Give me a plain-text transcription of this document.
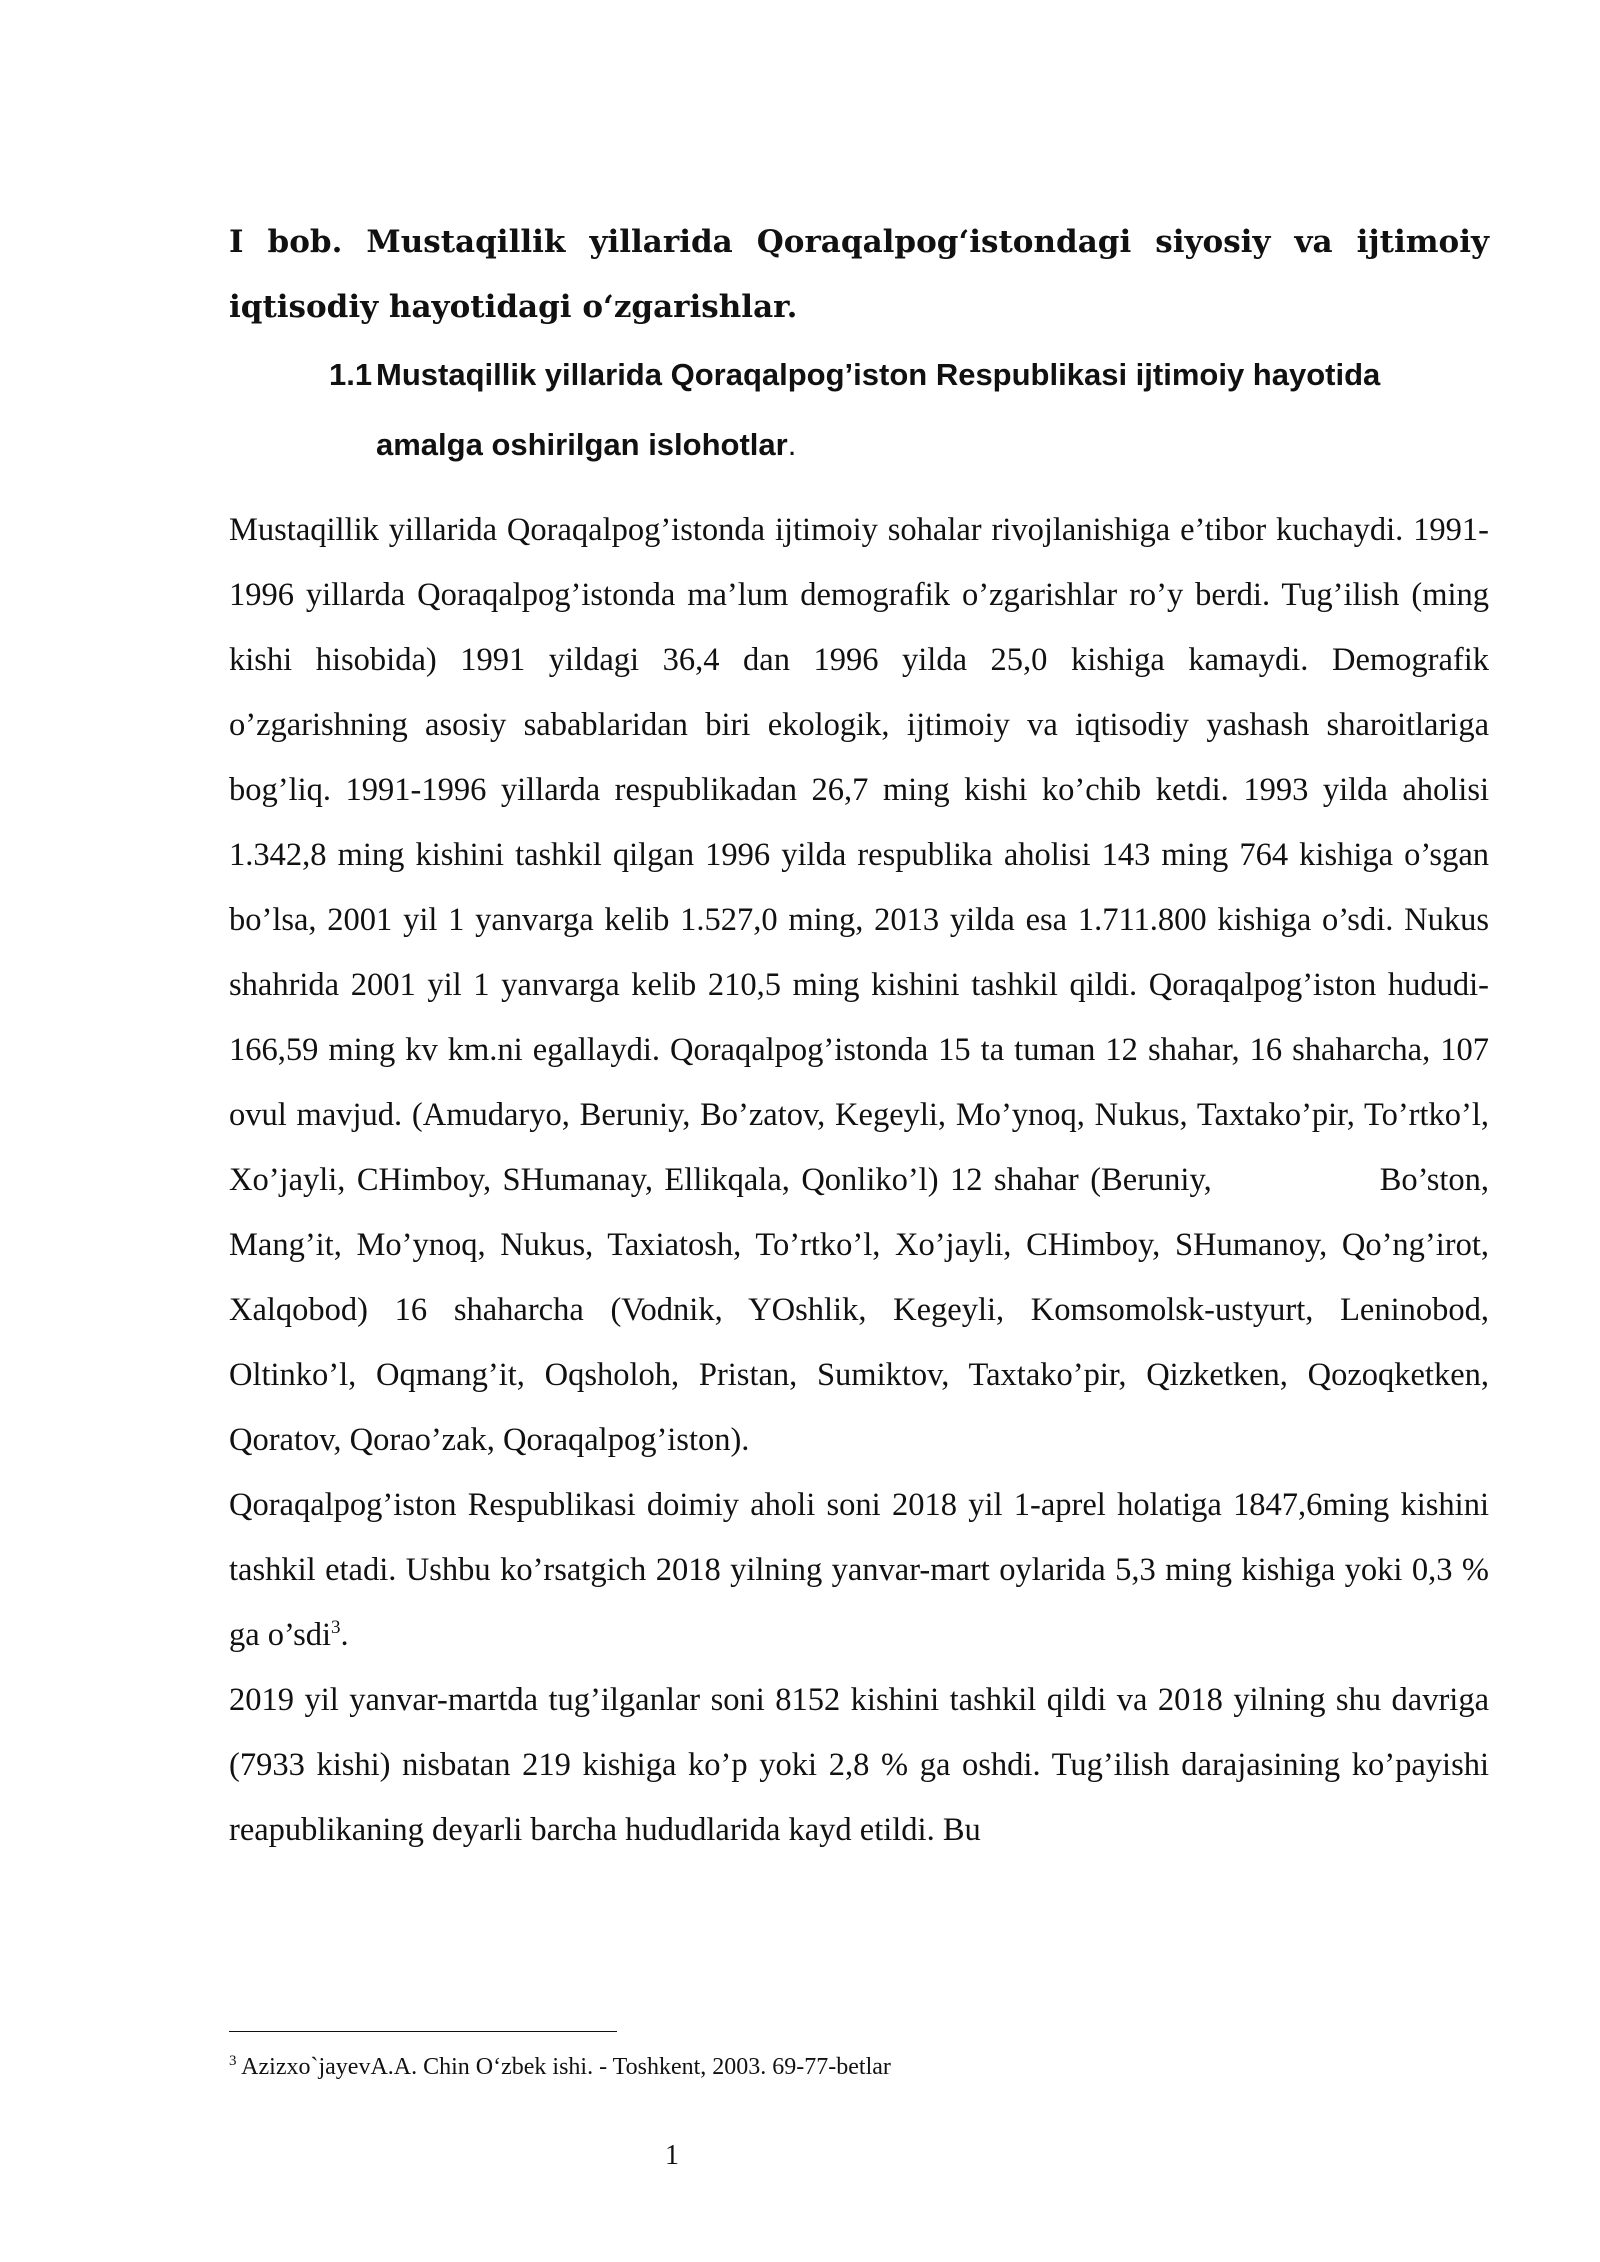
I bob. Mustaqillik yillarida Qoraqalpog‘istondagi siyosiy va ijtimoiy iqtisodiy hayotidagi o‘zgarishlar.
1.1 Mustaqillik yillarida Qoraqalpog’iston Respublikasi ijtimoiy hayotida amalga oshirilgan islohotlar.

Mustaqillik yillarida Qoraqalpog’istonda ijtimoiy sohalar rivojlanishiga e’tibor kuchaydi. 1991-1996 yillarda Qoraqalpog’istonda ma’lum demografik o’zgarishlar ro’y berdi. Tug’ilish (ming kishi hisobida) 1991 yildagi 36,4 dan 1996 yilda 25,0 kishiga kamaydi. Demografik o’zgarishning asosiy sabablaridan biri ekologik, ijtimoiy va iqtisodiy yashash sharoitlariga bog’liq. 1991-1996 yillarda respublikadan 26,7 ming kishi ko’chib ketdi. 1993 yilda aholisi 1.342,8 ming kishini tashkil qilgan 1996 yilda respublika aholisi 143 ming 764 kishiga o’sgan bo’lsa, 2001 yil 1 yanvarga kelib 1.527,0 ming, 2013 yilda esa 1.711.800 kishiga o’sdi. Nukus shahrida 2001 yil 1 yanvarga kelib 210,5 ming kishini tashkil qildi. Qoraqalpog’iston hududi-166,59 ming kv km.ni egallaydi. Qoraqalpog’istonda 15 ta tuman 12 shahar, 16 shaharcha, 107 ovul mavjud. (Amudaryo, Beruniy, Bo’zatov, Kegeyli, Mo’ynoq, Nukus, Taxtako’pir, To’rtko’l, Xo’jayli, CHimboy, SHumanay, Ellikqala, Qonliko’l) 12 shahar (Beruniy,	Bo’ston, Mang’it, Mo’ynoq, Nukus, Taxiatosh, To’rtko’l, Xo’jayli, CHimboy, SHumanoy, Qo’ng’irot, Xalqobod) 16 shaharcha (Vodnik, YOshlik, Kegeyli, Komsomolsk-ustyurt, Leninobod, Oltinko’l, Oqmang’it, Oqsholoh, Pristan, Sumiktov, Taxtako’pir, Qizketken, Qozoqketken, Qoratov, Qorao’zak, Qoraqalpog’iston).

Qoraqalpog’iston Respublikasi doimiy aholi soni 2018 yil 1-aprel holatiga 1847,6ming kishini tashkil etadi. Ushbu ko’rsatgich 2018 yilning yanvar-mart oylarida 5,3 ming kishiga yoki 0,3 % ga o’sdi$^3$.

2019 yil yanvar-martda tug’ilganlar soni 8152 kishini tashkil qildi va 2018 yilning shu davriga (7933 kishi) nisbatan 219 kishiga ko’p yoki 2,8 % ga oshdi. Tug’ilish darajasining ko’payishi reapublikaning deyarli barcha hududlarida kayd etildi. Bu

$^3$ Azizxo`jayevA.A. Chin O‘zbek ishi. - Toshkent, 2003. 69-77-betlar

1
